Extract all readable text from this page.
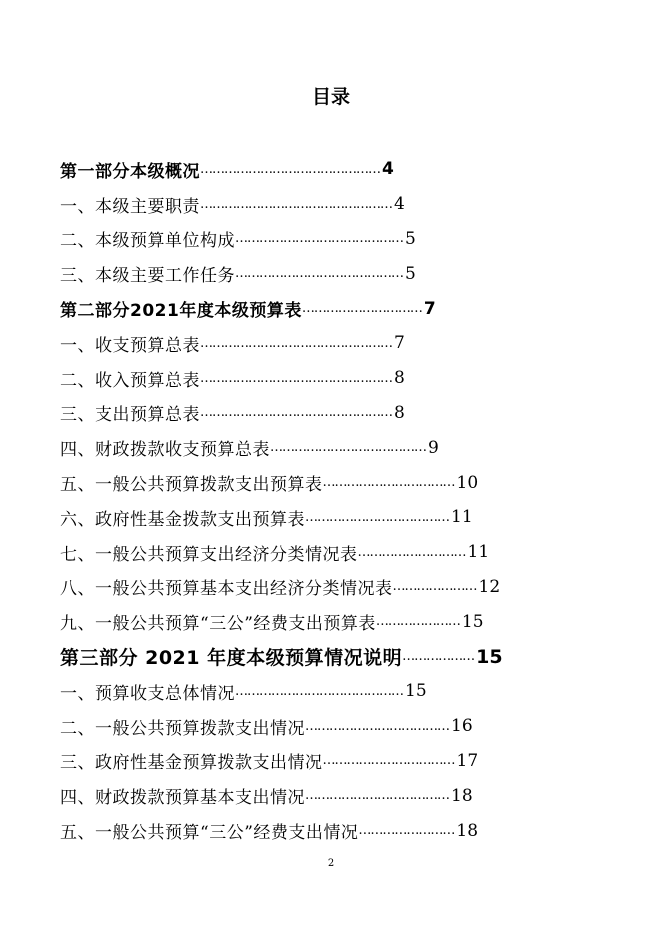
目录
第一部分本级概况 ……………………………………… 4
一、本级主要职责 ………………………………………… 4
二、本级预算单位构成 …………………………………… 5
三、本级主要工作任务 …………………………………… 5
第二部分2021年度本级预算表 ………………………… 7
一、收支预算总表 ………………………………………… 7
二、收入预算总表 ………………………………………… 8
三、支出预算总表 ………………………………………… 8
四、财政拨款收支预算总表 ………………………………… 9
五、一般公共预算拨款支出预算表 …………………………… 10
六、政府性基金拨款支出预算表 ……………………………… 11
七、一般公共预算支出经济分类情况表 ……………………… 11
八、一般公共预算基本支出经济分类情况表 ………………… 12
九、一般公共预算“三公”经费支出预算表 ………………… 15
第三部分 2021 年度本级预算情况说明 ……………… 15
一、预算收支总体情况 …………………………………… 15
二、一般公共预算拨款支出情况 ……………………………… 16
三、政府性基金预算拨款支出情况 …………………………… 17
四、财政拨款预算基本支出情况 ……………………………… 18
五、一般公共预算“三公”经费支出情况 …………………… 18
2
